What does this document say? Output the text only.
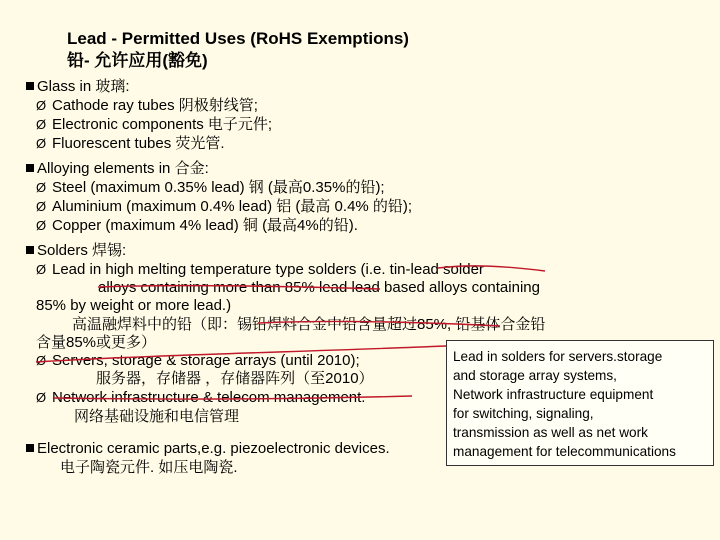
Lead - Permitted Uses (RoHS Exemptions)
铅- 允许应用(豁免)
Glass in 玻璃:
Ø Cathode ray tubes 阴极射线管;
Ø Electronic components 电子元件;
Ø Fluorescent tubes 荧光管.
Alloying elements in 合金:
Ø Steel (maximum 0.35% lead) 钢 (最高0.35%的铅);
Ø Aluminium (maximum 0.4% lead) 铝 (最高 0.4% 的铅);
Ø Copper (maximum 4% lead) 铜 (最高4%的铅).
Solders 焊锡:
Ø Lead in high melting temperature type solders (i.e. tin-lead solder
alloys containing more than 85% lead lead based alloys containing
85% by weight or more lead.)
高温融焊料中的铅（即：锡铅焊料合金中铅含量超过85%, 铅基体合金铅
含量85%或更多）
Ø Servers, storage & storage arrays (until 2010);
服务器，存储器 ，存储器阵列（至2010）
Ø Network infrastructure & telecom management.
网络基础设施和电信管理
Electronic ceramic parts,e.g. piezoelectronic devices.
电子陶瓷元件. 如压电陶瓷.
Lead in solders for servers.storage
and storage array systems,
Network infrastructure equipment
for switching, signaling,
transmission as well as net work
management for telecommunications
